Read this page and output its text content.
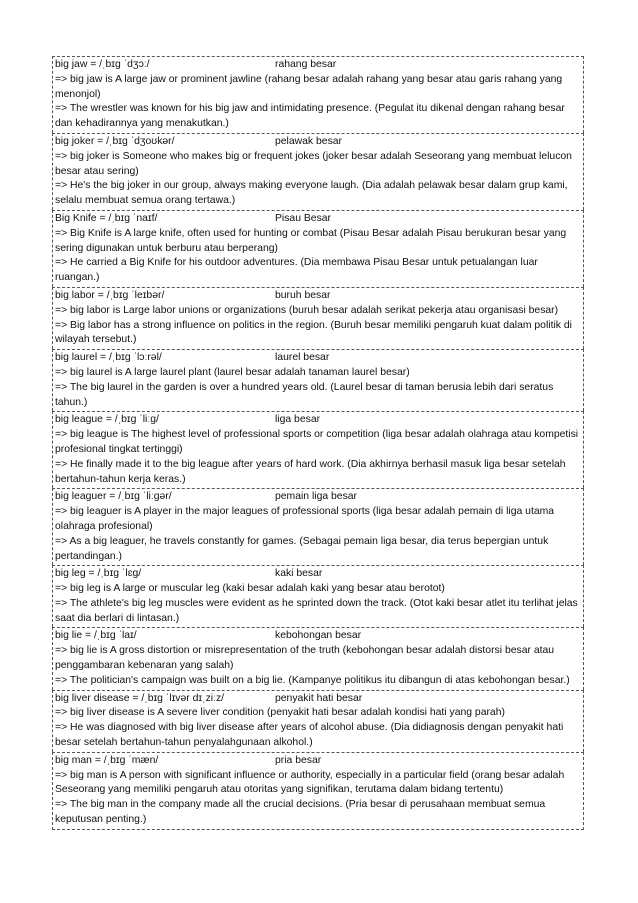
big jaw = /ˌbɪɡ ˈdʒɔː/	rahang besar
=> big jaw is A large jaw or prominent jawline (rahang besar adalah rahang yang besar atau garis rahang yang menonjol)
=> The wrestler was known for his big jaw and intimidating presence. (Pegulat itu dikenal dengan rahang besar dan kehadirannya yang menakutkan.)
big joker = /ˌbɪɡ ˈdʒoʊkər/	pelawak besar
=> big joker is Someone who makes big or frequent jokes (joker besar adalah Seseorang yang membuat lelucon besar atau sering)
=> He's the big joker in our group, always making everyone laugh. (Dia adalah pelawak besar dalam grup kami, selalu membuat semua orang tertawa.)
Big Knife = /ˌbɪɡ ˈnaɪf/	Pisau Besar
=> Big Knife is A large knife, often used for hunting or combat (Pisau Besar adalah Pisau berukuran besar yang sering digunakan untuk berburu atau berperang)
=> He carried a Big Knife for his outdoor adventures. (Dia membawa Pisau Besar untuk petualangan luar ruangan.)
big labor = /ˌbɪɡ ˈleɪbər/	buruh besar
=> big labor is Large labor unions or organizations (buruh besar adalah serikat pekerja atau organisasi besar)
=> Big labor has a strong influence on politics in the region. (Buruh besar memiliki pengaruh kuat dalam politik di wilayah tersebut.)
big laurel = /ˌbɪɡ ˈlɔːrəl/	laurel besar
=> big laurel is A large laurel plant (laurel besar adalah tanaman laurel besar)
=> The big laurel in the garden is over a hundred years old. (Laurel besar di taman berusia lebih dari seratus tahun.)
big league = /ˌbɪɡ ˈliːɡ/	liga besar
=> big league is The highest level of professional sports or competition (liga besar adalah olahraga atau kompetisi profesional tingkat tertinggi)
=> He finally made it to the big league after years of hard work. (Dia akhirnya berhasil masuk liga besar setelah bertahun-tahun kerja keras.)
big leaguer = /ˌbɪɡ ˈliːɡər/	pemain liga besar
=> big leaguer is A player in the major leagues of professional sports (liga besar adalah pemain di liga utama olahraga profesional)
=> As a big leaguer, he travels constantly for games. (Sebagai pemain liga besar, dia terus bepergian untuk pertandingan.)
big leg = /ˌbɪɡ ˈlɛɡ/	kaki besar
=> big leg is A large or muscular leg (kaki besar adalah kaki yang besar atau berotot)
=> The athlete's big leg muscles were evident as he sprinted down the track. (Otot kaki besar atlet itu terlihat jelas saat dia berlari di lintasan.)
big lie = /ˌbɪɡ ˈlaɪ/	kebohongan besar
=> big lie is A gross distortion or misrepresentation of the truth (kebohongan besar adalah distorsi besar atau penggambaran kebenaran yang salah)
=> The politician's campaign was built on a big lie. (Kampanye politikus itu dibangun di atas kebohongan besar.)
big liver disease = /ˌbɪɡ ˈlɪvər dɪˌziːz/	penyakit hati besar
=> big liver disease is A severe liver condition (penyakit hati besar adalah kondisi hati yang parah)
=> He was diagnosed with big liver disease after years of alcohol abuse. (Dia didiagnosis dengan penyakit hati besar setelah bertahun-tahun penyalahgunaan alkohol.)
big man = /ˌbɪɡ ˈmæn/	pria besar
=> big man is A person with significant influence or authority, especially in a particular field (orang besar adalah Seseorang yang memiliki pengaruh atau otoritas yang signifikan, terutama dalam bidang tertentu)
=> The big man in the company made all the crucial decisions. (Pria besar di perusahaan membuat semua keputusan penting.)
